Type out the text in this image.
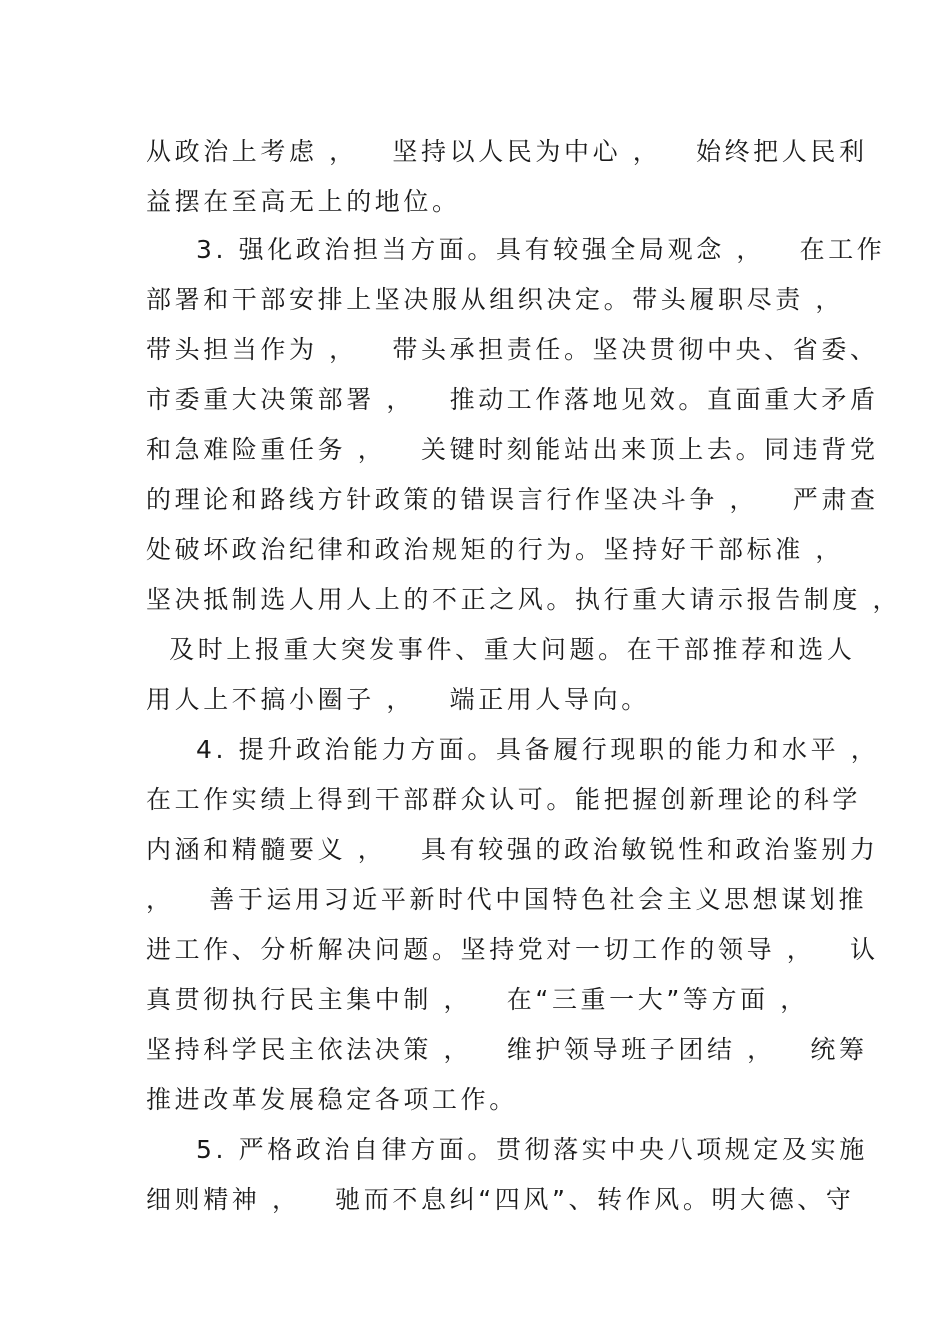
从政治上考虑 ，   坚持以人民为中心 ，   始终把人民利
益摆在至高无上的地位。
3. 强化政治担当方面。具有较强全局观念 ，   在工作
部署和干部安排上坚决服从组织决定。带头履职尽责 ，
带头担当作为 ，   带头承担责任。坚决贯彻中央、省委、
市委重大决策部署 ，   推动工作落地见效。直面重大矛盾
和急难险重任务 ，   关键时刻能站出来顶上去。同违背党
的理论和路线方针政策的错误言行作坚决斗争 ，   严肃查
处破坏政治纪律和政治规矩的行为。坚持好干部标准 ，
坚决抵制选人用人上的不正之风。执行重大请示报告制度 ，
及时上报重大突发事件、重大问题。在干部推荐和选人
用人上不搞小圈子 ，   端正用人导向。
4. 提升政治能力方面。具备履行现职的能力和水平 ，
在工作实绩上得到干部群众认可。能把握创新理论的科学
内涵和精髓要义 ，   具有较强的政治敏锐性和政治鉴别力
，   善于运用习近平新时代中国特色社会主义思想谋划推
进工作、分析解决问题。坚持党对一切工作的领导 ，   认
真贯彻执行民主集中制 ，   在“三重一大”等方面 ，
坚持科学民主依法决策 ，   维护领导班子团结 ，   统筹
推进改革发展稳定各项工作。
5. 严格政治自律方面。贯彻落实中央八项规定及实施
细则精神 ，   驰而不息纠“四风”、转作风。明大德、守
